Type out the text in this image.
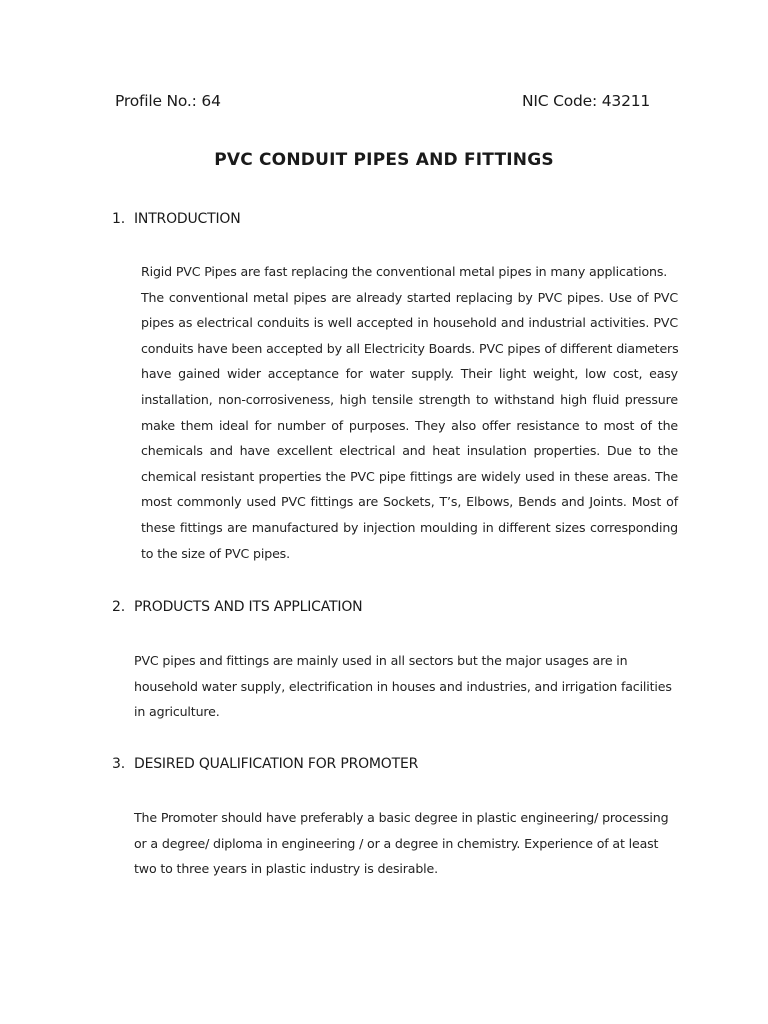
Profile No.: 64	NIC Code: 43211
PVC CONDUIT PIPES AND FITTINGS
1. INTRODUCTION
Rigid PVC Pipes are fast replacing the conventional metal pipes in many applications.
The conventional metal pipes are already started replacing by PVC pipes. Use of PVC
pipes as electrical conduits is well accepted in household and industrial activities. PVC
conduits have been accepted by all Electricity Boards. PVC pipes of different diameters
have gained wider acceptance for water supply. Their light weight, low cost, easy
installation, non-corrosiveness, high tensile strength to withstand high fluid pressure
make them ideal for number of purposes. They also offer resistance to most of the
chemicals and have excellent electrical and heat insulation properties. Due to the
chemical resistant properties the PVC pipe fittings are widely used in these areas. The
most commonly used PVC fittings are Sockets, T’s, Elbows, Bends and Joints. Most of
these fittings are manufactured by injection moulding in different sizes corresponding
to the size of PVC pipes.
2. PRODUCTS AND ITS APPLICATION
PVC pipes and fittings are mainly used in all sectors but the major usages are in
household water supply, electrification in houses and industries, and irrigation facilities
in agriculture.
3. DESIRED QUALIFICATION FOR PROMOTER
The Promoter should have preferably a basic degree in plastic engineering/ processing
or a degree/ diploma in engineering / or a degree in chemistry. Experience of at least
two to three years in plastic industry is desirable.
